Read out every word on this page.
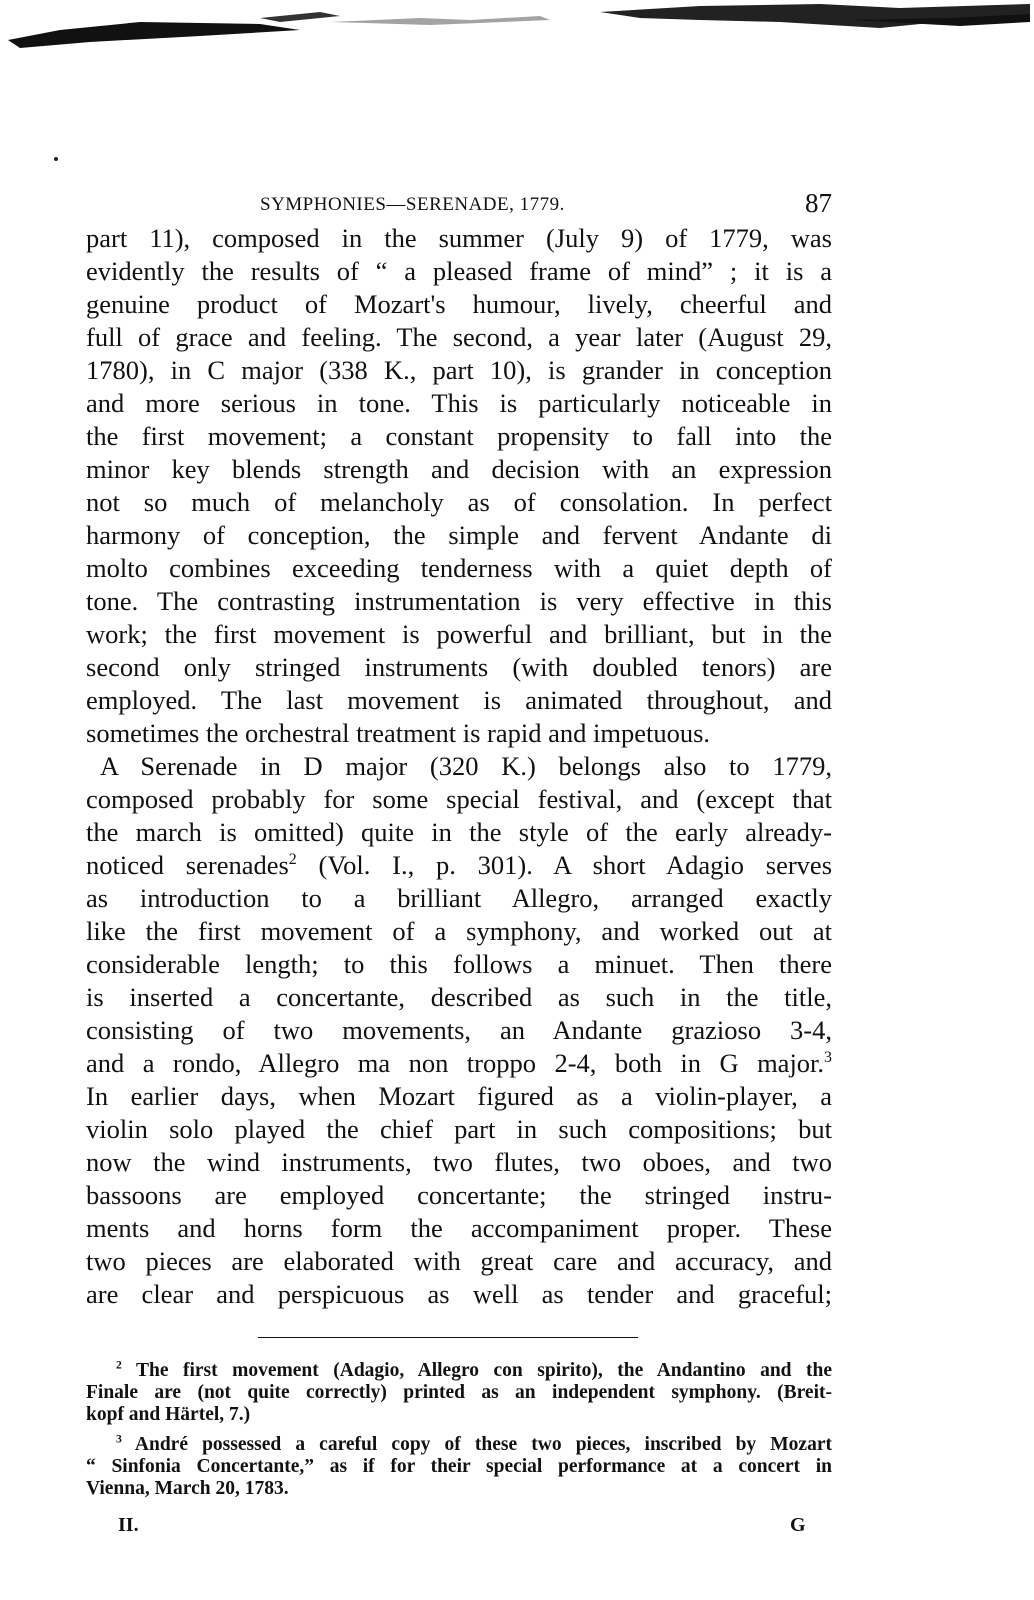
SYMPHONIES—SERENADE, 1779.	87
part 11), composed in the summer (July 9) of 1779, was
evidently the results of “ a pleased frame of mind” ; it is a
genuine product of Mozart's humour, lively, cheerful and
full of grace and feeling. The second, a year later (August 29,
1780), in C major (338 K., part 10), is grander in conception
and more serious in tone. This is particularly noticeable in
the first movement; a constant propensity to fall into the
minor key blends strength and decision with an expression
not so much of melancholy as of consolation. In perfect
harmony of conception, the simple and fervent Andante di
molto combines exceeding tenderness with a quiet depth of
tone. The contrasting instrumentation is very effective in this
work; the first movement is powerful and brilliant, but in the
second only stringed instruments (with doubled tenors) are
employed. The last movement is animated throughout, and
sometimes the orchestral treatment is rapid and impetuous.
A Serenade in D major (320 K.) belongs also to 1779,
composed probably for some special festival, and (except that
the march is omitted) quite in the style of the early already-
noticed serenades$^2$ (Vol. I., p. 301). A short Adagio serves
as introduction to a brilliant Allegro, arranged exactly
like the first movement of a symphony, and worked out at
considerable length; to this follows a minuet. Then there
is inserted a concertante, described as such in the title,
consisting of two movements, an Andante grazioso 3-4,
and a rondo, Allegro ma non troppo 2-4, both in G major.$^3$
In earlier days, when Mozart figured as a violin-player, a
violin solo played the chief part in such compositions; but
now the wind instruments, two flutes, two oboes, and two
bassoons are employed concertante; the stringed instru-
ments and horns form the accompaniment proper. These
two pieces are elaborated with great care and accuracy, and
are clear and perspicuous as well as tender and graceful;
$^2$ The first movement (Adagio, Allegro con spirito), the Andantino and the
Finale are (not quite correctly) printed as an independent symphony. (Breit-
kopf and Härtel, 7.)
$^3$ André possessed a careful copy of these two pieces, inscribed by Mozart
“ Sinfonia Concertante,” as if for their special performance at a concert in
Vienna, March 20, 1783.
II.	G
